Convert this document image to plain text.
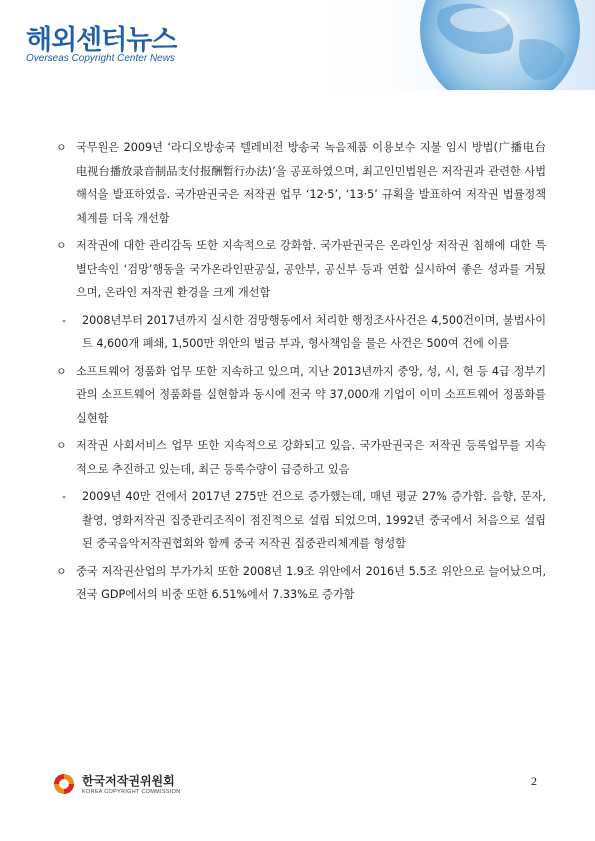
해외센터뉴스
Overseas Copyright Center News
ㅇ 국무원은 2009년 ‘라디오방송국 텔레비전 방송국 녹음제품 이용보수 지불 임시 방법(广播电台电视台播放录音制品支付报酬暂行办法)’을 공포하였으며, 최고인민법원은 저작권과 관련한 사법해석을 발표하였음. 국가판권국은 저작권 업무 ‘12·5’, ‘13·5’ 규획을 발표하여 저작권 법률정책체계를 더욱 개선함
ㅇ 저작권에 대한 관리감독 또한 지속적으로 강화함. 국가판권국은 온라인상 저작권 침해에 대한 특별단속인 ‘검망’행동을 국가온라인판공실, 공안부, 공신부 등과 연합 실시하여 좋은 성과를 거뒀으며, 온라인 저작권 환경을 크게 개선함
- 2008년부터 2017년까지 실시한 검망행동에서 처리한 행정조사사건은 4,500건이며, 불법사이트 4,600개 폐쇄, 1,500만 위안의 벌금 부과, 형사책임을 물은 사건은 500여 건에 이름
ㅇ 소프트웨어 정품화 업무 또한 지속하고 있으며, 지난 2013년까지 중앙, 성, 시, 현 등 4급 정부기관의 소프트웨어 정품화를 실현함과 동시에 전국 약 37,000개 기업이 이미 소프트웨어 정품화를 실현함
ㅇ 저작권 사회서비스 업무 또한 지속적으로 강화되고 있음. 국가판권국은 저작권 등록업무를 지속적으로 추진하고 있는데, 최근 등록수량이 급증하고 있음
- 2009년 40만 건에서 2017년 275만 건으로 증가했는데, 매년 평균 27% 증가함. 음향, 문자, 촬영, 영화저작권 집중관리조직이 점진적으로 설립 되었으며, 1992년 중국에서 처음으로 설립된 중국음악저작권협회와 함께 중국 저작권 집중관리체계를 형성함
ㅇ 중국 저작권산업의 부가가치 또한 2008년 1.9조 위안에서 2016년 5.5조 위안으로 늘어났으며, 전국 GDP에서의 비중 또한 6.51%에서 7.33%로 증가함
한국저작권위원회
KOREA COPYRIGHT COMMISSION
2
